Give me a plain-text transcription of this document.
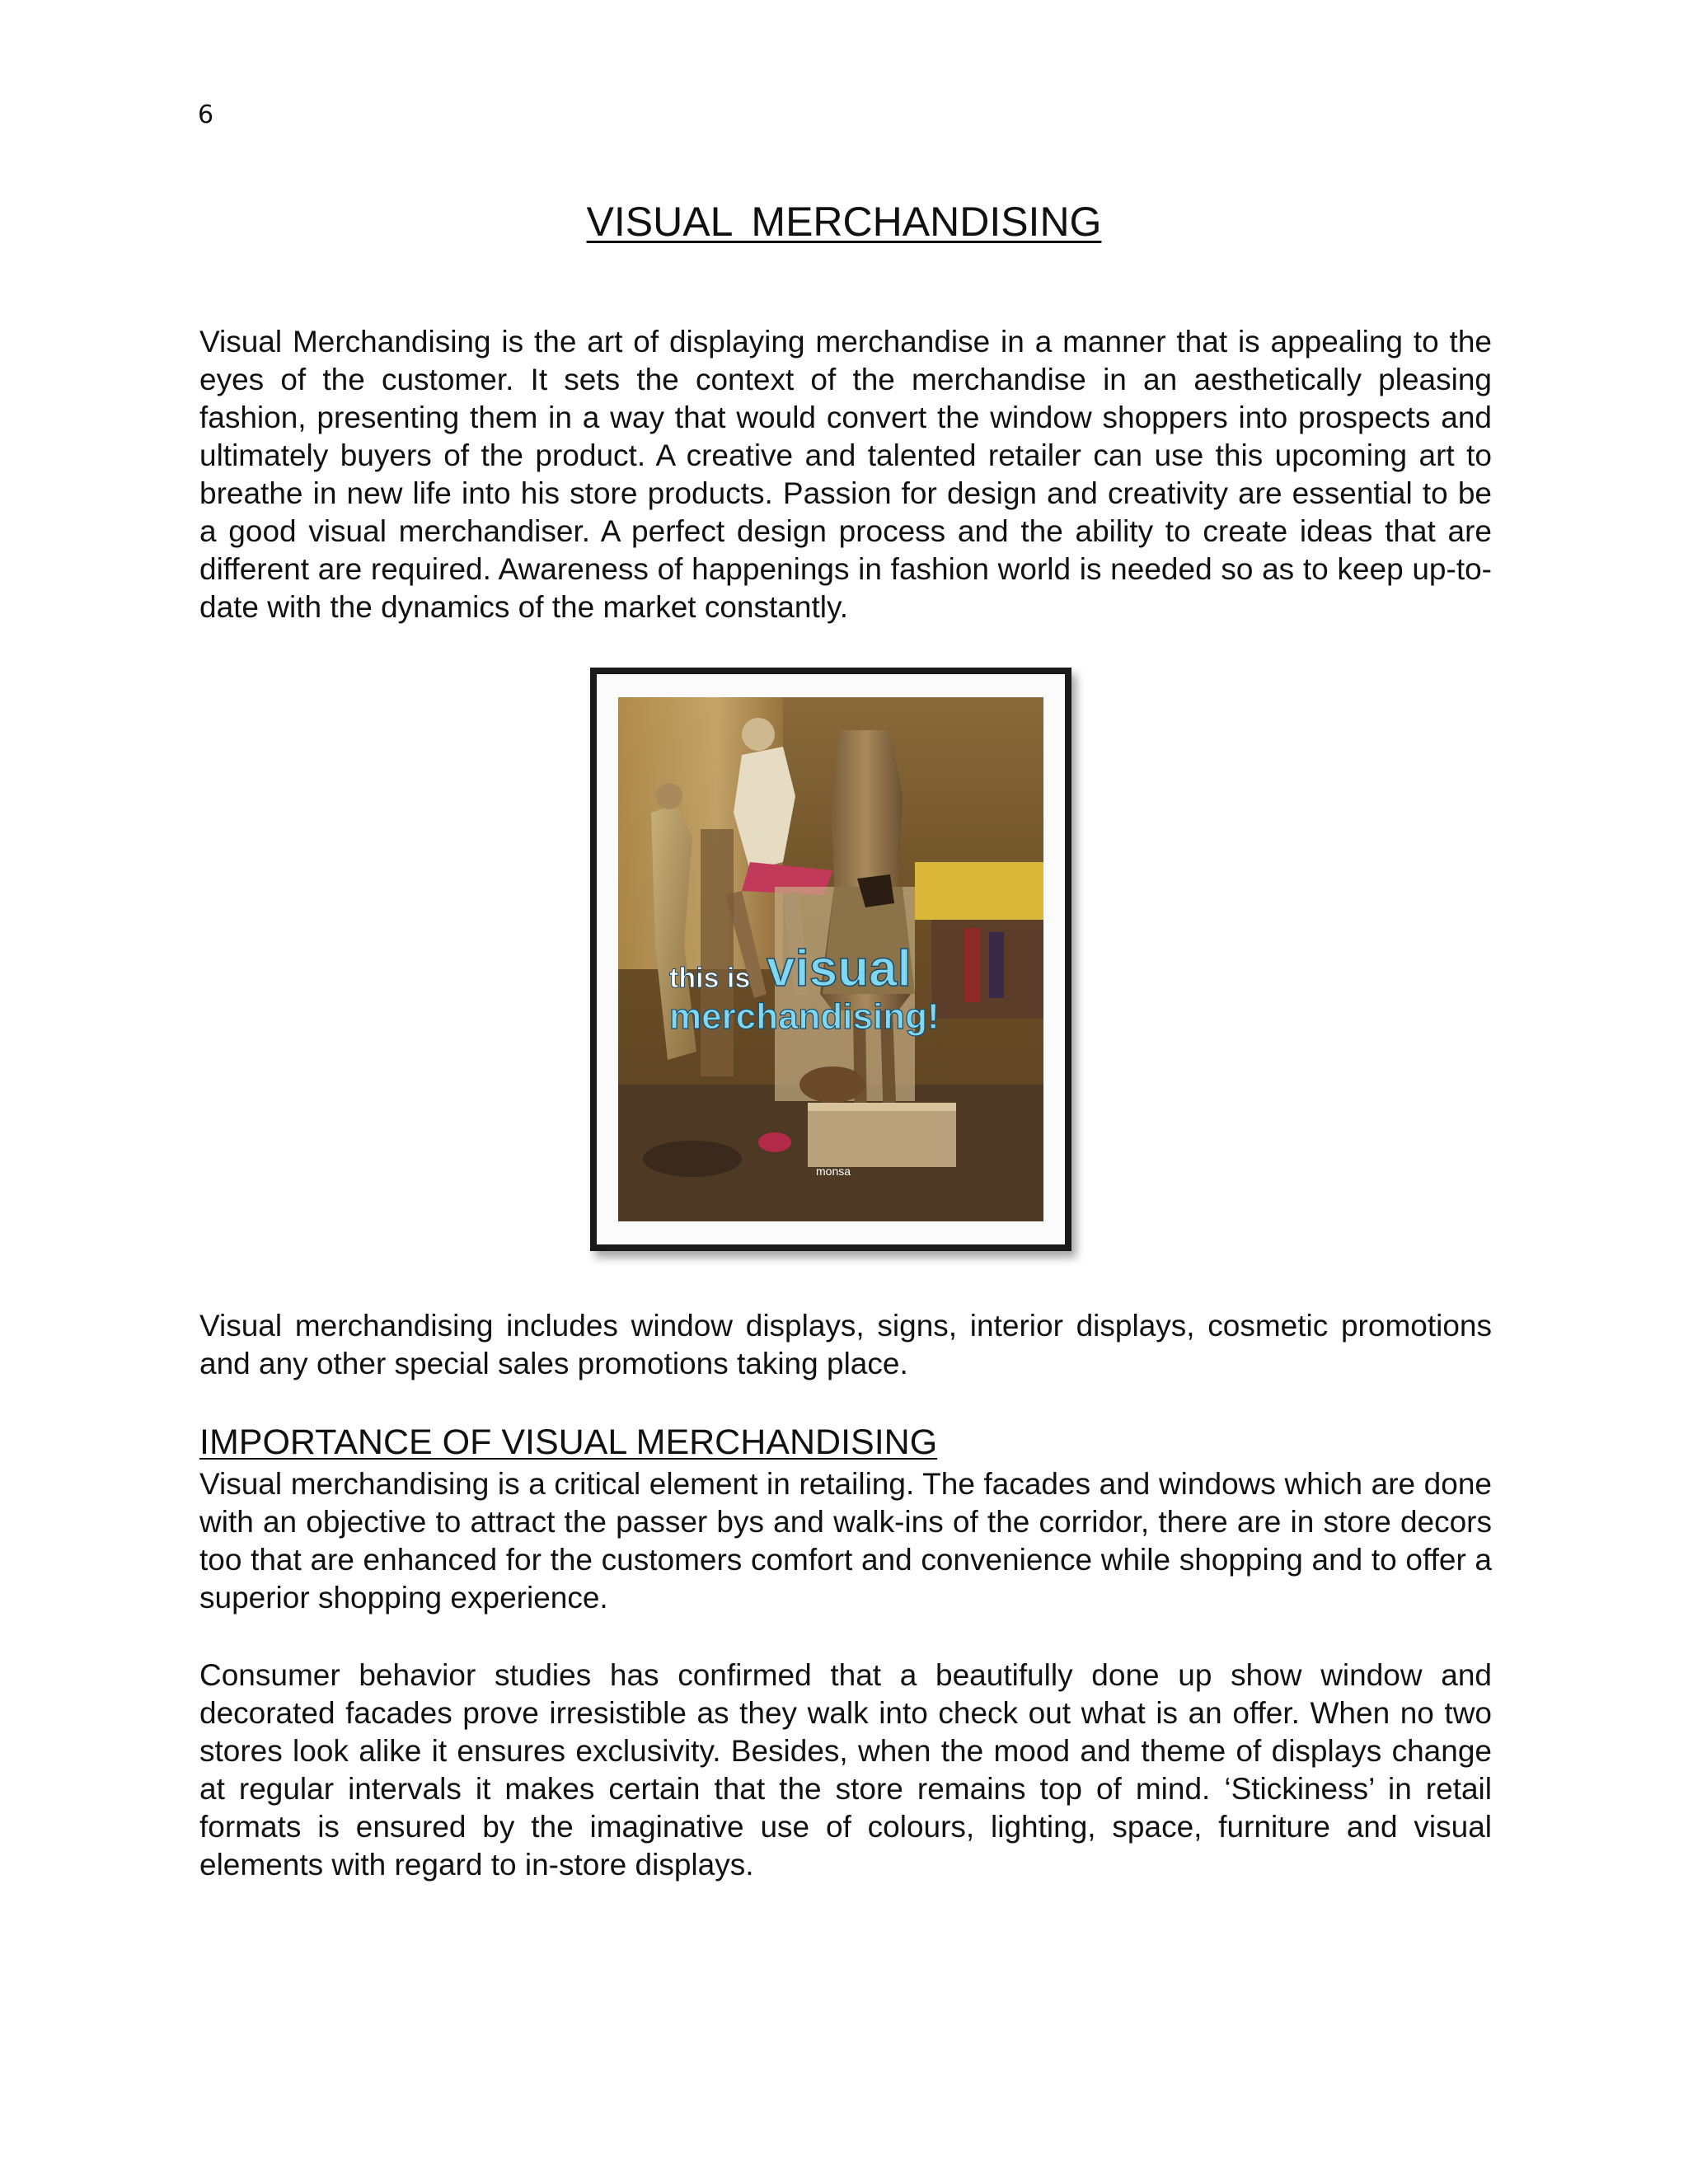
6
VISUAL MERCHANDISING

Visual Merchandising is the art of displaying merchandise in a manner that is appealing to the eyes of the customer. It sets the context of the merchandise in an aesthetically pleasing fashion, presenting them in a way that would convert the window shoppers into prospects and ultimately buyers of the product. A creative and talented retailer can use this upcoming art to breathe in new life into his store products. Passion for design and creativity are essential to be a good visual merchandiser. A perfect design process and the ability to create ideas that are different are required. Awareness of happenings in fashion world is needed so as to keep up-to-date with the dynamics of the market constantly.

this is visual
merchandising!
monsa

Visual merchandising includes window displays, signs, interior displays, cosmetic promotions and any other special sales promotions taking place.

IMPORTANCE OF VISUAL MERCHANDISING

Visual merchandising is a critical element in retailing. The facades and windows which are done with an objective to attract the passer bys and walk-ins of the corridor, there are in store decors too that are enhanced for the customers comfort and convenience while shopping and to offer a superior shopping experience.

Consumer behavior studies has confirmed that a beautifully done up show window and decorated facades prove irresistible as they walk into check out what is an offer. When no two stores look alike it ensures exclusivity. Besides, when the mood and theme of displays change at regular intervals it makes certain that the store remains top of mind. ‘Stickiness’ in retail formats is ensured by the imaginative use of colours, lighting, space, furniture and visual elements with regard to in-store displays.
